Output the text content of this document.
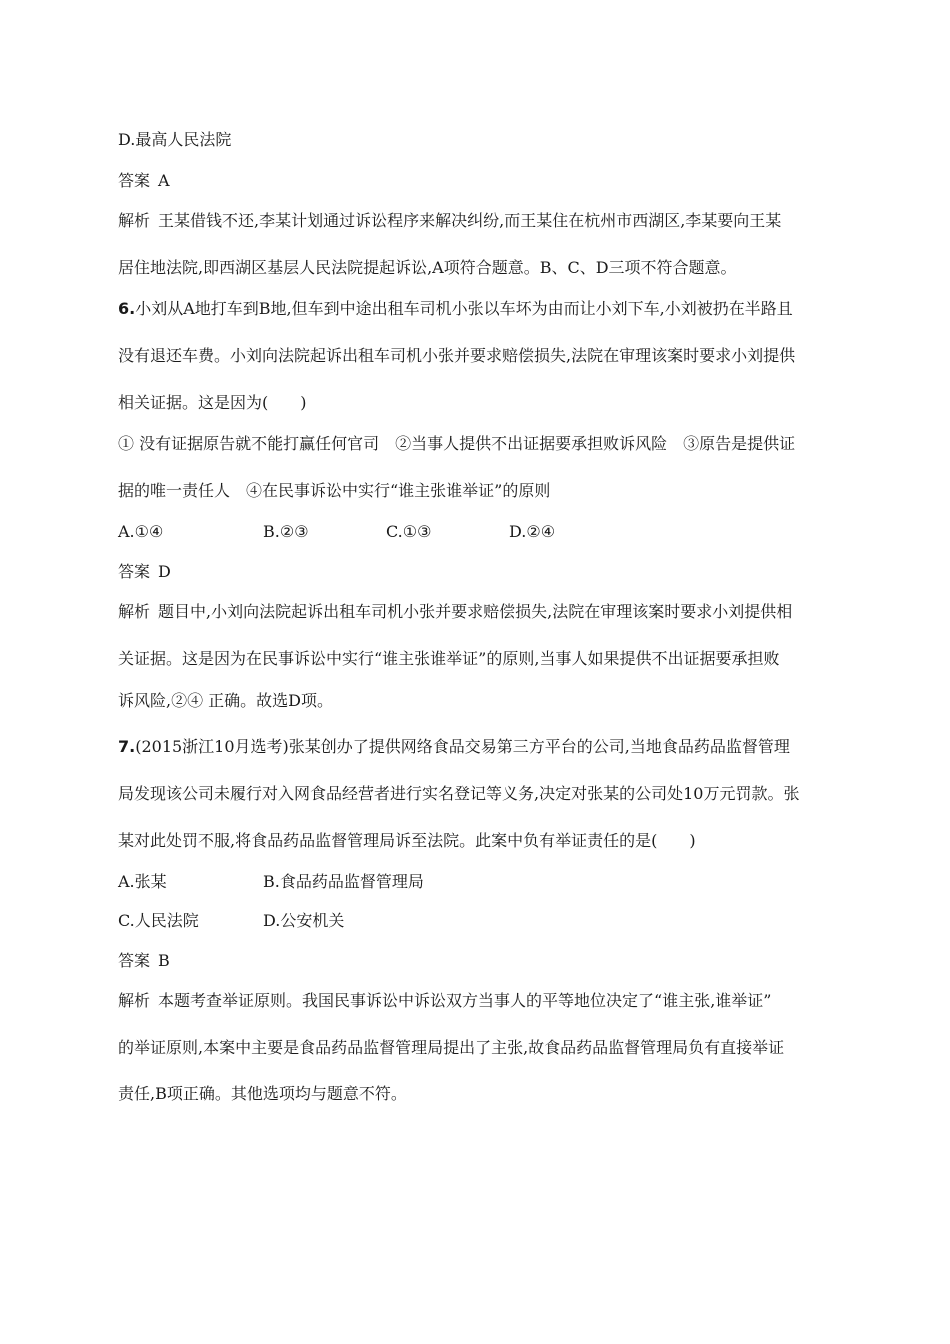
D.最高人民法院
答案 A
解析 王某借钱不还,李某计划通过诉讼程序来解决纠纷,而王某住在杭州市西湖区,李某要向王某
居住地法院,即西湖区基层人民法院提起诉讼,A项符合题意。B、C、D三项不符合题意。
6.小刘从A地打车到B地,但车到中途出租车司机小张以车坏为由而让小刘下车,小刘被扔在半路且
没有退还车费。小刘向法院起诉出租车司机小张并要求赔偿损失,法院在审理该案时要求小刘提供
相关证据。这是因为(　　)
① 没有证据原告就不能打赢任何官司　②当事人提供不出证据要承担败诉风险　③原告是提供证
据的唯一责任人　④在民事诉讼中实行“谁主张谁举证”的原则
A.①④	B.②③	C.①③	D.②④
答案 D
解析 题目中,小刘向法院起诉出租车司机小张并要求赔偿损失,法院在审理该案时要求小刘提供相
关证据。这是因为在民事诉讼中实行“谁主张谁举证”的原则,当事人如果提供不出证据要承担败
诉风险,②④ 正确。故选D项。
7.(2015浙江10月选考)张某创办了提供网络食品交易第三方平台的公司,当地食品药品监督管理
局发现该公司未履行对入网食品经营者进行实名登记等义务,决定对张某的公司处10万元罚款。张
某对此处罚不服,将食品药品监督管理局诉至法院。此案中负有举证责任的是(　　)
A.张某	B.食品药品监督管理局
C.人民法院	D.公安机关
答案 B
解析 本题考查举证原则。我国民事诉讼中诉讼双方当事人的平等地位决定了“谁主张,谁举证”
的举证原则,本案中主要是食品药品监督管理局提出了主张,故食品药品监督管理局负有直接举证
责任,B项正确。其他选项均与题意不符。
